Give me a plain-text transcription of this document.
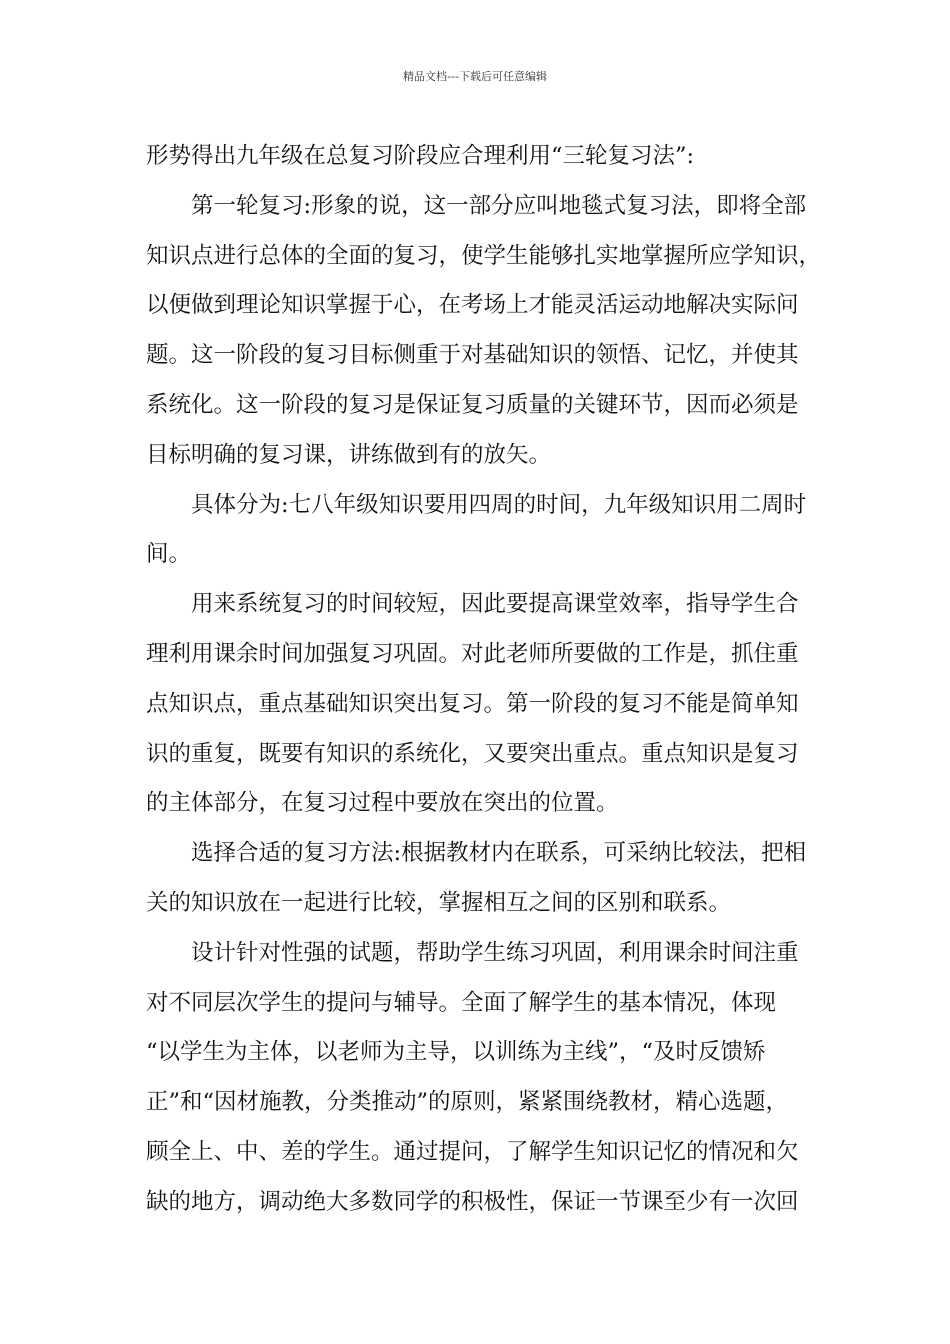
精品文档---下载后可任意编辑
形势得出九年级在总复习阶段应合理利用“三轮复习法”:
第一轮复习:形象的说，这一部分应叫地毯式复习法，即将全部
知识点进行总体的全面的复习，使学生能够扎实地掌握所应学知识，
以便做到理论知识掌握于心，在考场上才能灵活运动地解决实际问
题。这一阶段的复习目标侧重于对基础知识的领悟、记忆，并使其
系统化。这一阶段的复习是保证复习质量的关键环节，因而必须是
目标明确的复习课，讲练做到有的放矢。
具体分为:七八年级知识要用四周的时间，九年级知识用二周时
间。
用来系统复习的时间较短，因此要提高课堂效率，指导学生合
理利用课余时间加强复习巩固。对此老师所要做的工作是，抓住重
点知识点，重点基础知识突出复习。第一阶段的复习不能是简单知
识的重复，既要有知识的系统化，又要突出重点。重点知识是复习
的主体部分，在复习过程中要放在突出的位置。
选择合适的复习方法:根据教材内在联系，可采纳比较法，把相
关的知识放在一起进行比较，掌握相互之间的区别和联系。
设计针对性强的试题，帮助学生练习巩固，利用课余时间注重
对不同层次学生的提问与辅导。全面了解学生的基本情况，体现
“以学生为主体，以老师为主导，以训练为主线”，“及时反馈矫
正”和“因材施教，分类推动”的原则，紧紧围绕教材，精心选题，
顾全上、中、差的学生。通过提问，了解学生知识记忆的情况和欠
缺的地方，调动绝大多数同学的积极性，保证一节课至少有一次回
